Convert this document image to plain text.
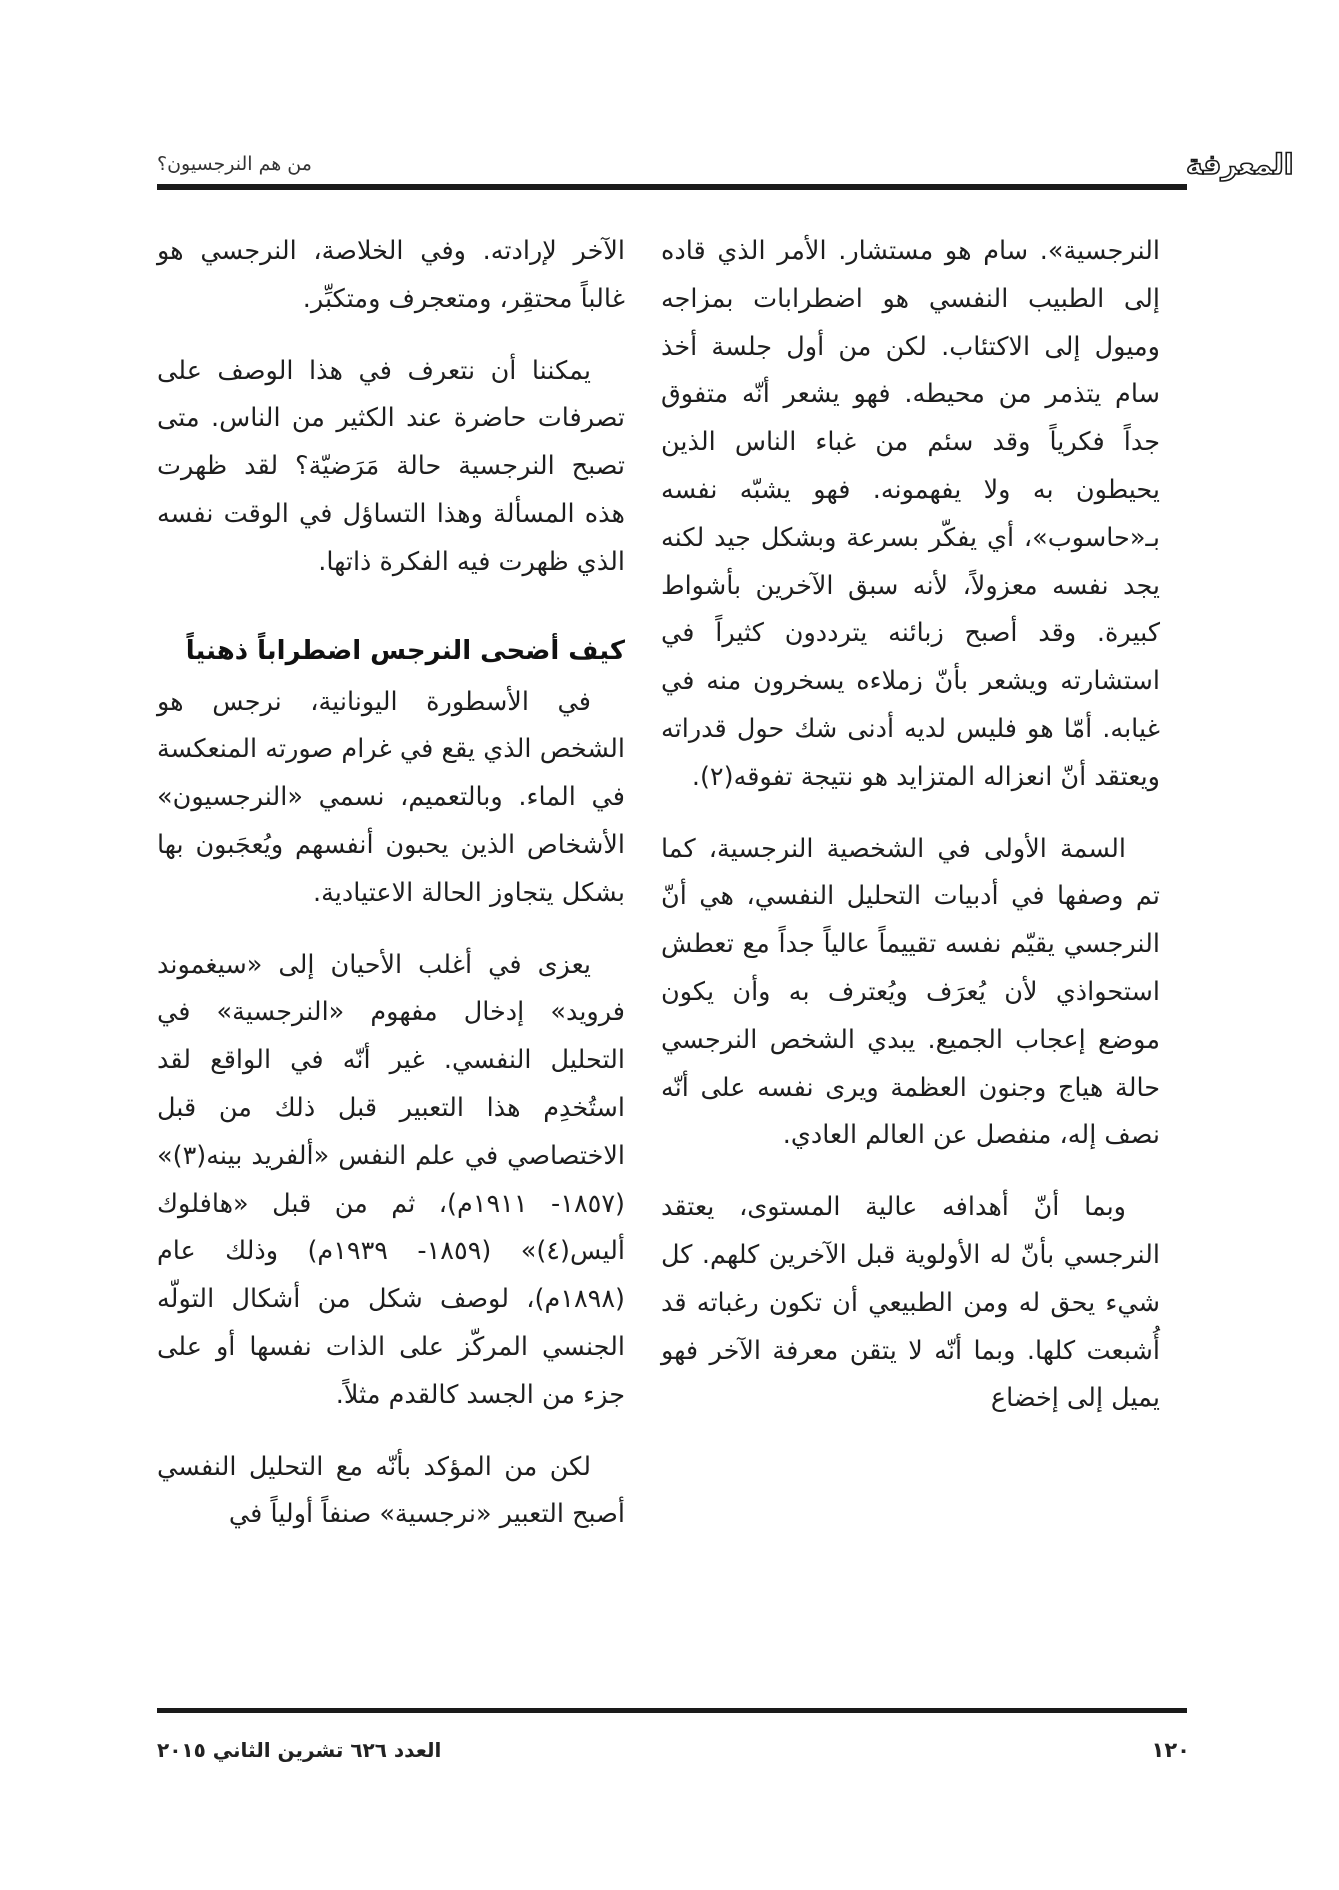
المعرفة
من هم النرجسيون؟

النرجسية». سام هو مستشار. الأمر الذي قاده إلى الطبيب النفسي هو اضطرابات بمزاجه وميول إلى الاكتئاب. لكن من أول جلسة أخذ سام يتذمر من محيطه. فهو يشعر أنّه متفوق جداً فكرياً وقد سئم من غباء الناس الذين يحيطون به ولا يفهمونه. فهو يشبّه نفسه بـ«حاسوب»، أي يفكّر بسرعة وبشكل جيد لكنه يجد نفسه معزولاً، لأنه سبق الآخرين بأشواط كبيرة. وقد أصبح زبائنه يترددون كثيراً في استشارته ويشعر بأنّ زملاءه يسخرون منه في غيابه. أمّا هو فليس لديه أدنى شك حول قدراته ويعتقد أنّ انعزاله المتزايد هو نتيجة تفوقه(٢).

السمة الأولى في الشخصية النرجسية، كما تم وصفها في أدبيات التحليل النفسي، هي أنّ النرجسي يقيّم نفسه تقييماً عالياً جداً مع تعطش استحواذي لأن يُعرَف ويُعترف به وأن يكون موضع إعجاب الجميع. يبدي الشخص النرجسي حالة هياج وجنون العظمة ويرى نفسه على أنّه نصف إله، منفصل عن العالم العادي.

وبما أنّ أهدافه عالية المستوى، يعتقد النرجسي بأنّ له الأولوية قبل الآخرين كلهم. كل شيء يحق له ومن الطبيعي أن تكون رغباته قد أُشبعت كلها. وبما أنّه لا يتقن معرفة الآخر فهو يميل إلى إخضاع

الآخر لإرادته. وفي الخلاصة، النرجسي هو غالباً محتقِر، ومتعجرف ومتكبِّر.

يمكننا أن نتعرف في هذا الوصف على تصرفات حاضرة عند الكثير من الناس. متى تصبح النرجسية حالة مَرَضيّة؟ لقد ظهرت هذه المسألة وهذا التساؤل في الوقت نفسه الذي ظهرت فيه الفكرة ذاتها.

كيف أضحى النرجس اضطراباً ذهنياً

في الأسطورة اليونانية، نرجس هو الشخص الذي يقع في غرام صورته المنعكسة في الماء. وبالتعميم، نسمي «النرجسيون» الأشخاص الذين يحبون أنفسهم ويُعجَبون بها بشكل يتجاوز الحالة الاعتيادية.

يعزى في أغلب الأحيان إلى «سيغموند فرويد» إدخال مفهوم «النرجسية» في التحليل النفسي. غير أنّه في الواقع لقد استُخدِم هذا التعبير قبل ذلك من قبل الاختصاصي في علم النفس «ألفريد بينه(٣)» (١٨٥٧- ١٩١١م)، ثم من قبل «هافلوك أليس(٤)» (١٨٥٩- ١٩٣٩م) وذلك عام (١٨٩٨م)، لوصف شكل من أشكال التولّه الجنسي المركّز على الذات نفسها أو على جزء من الجسد كالقدم مثلاً.

لكن من المؤكد بأنّه مع التحليل النفسي أصبح التعبير «نرجسية» صنفاً أولياً في

١٢٠
العدد ٦٢٦ تشرين الثاني ٢٠١٥
